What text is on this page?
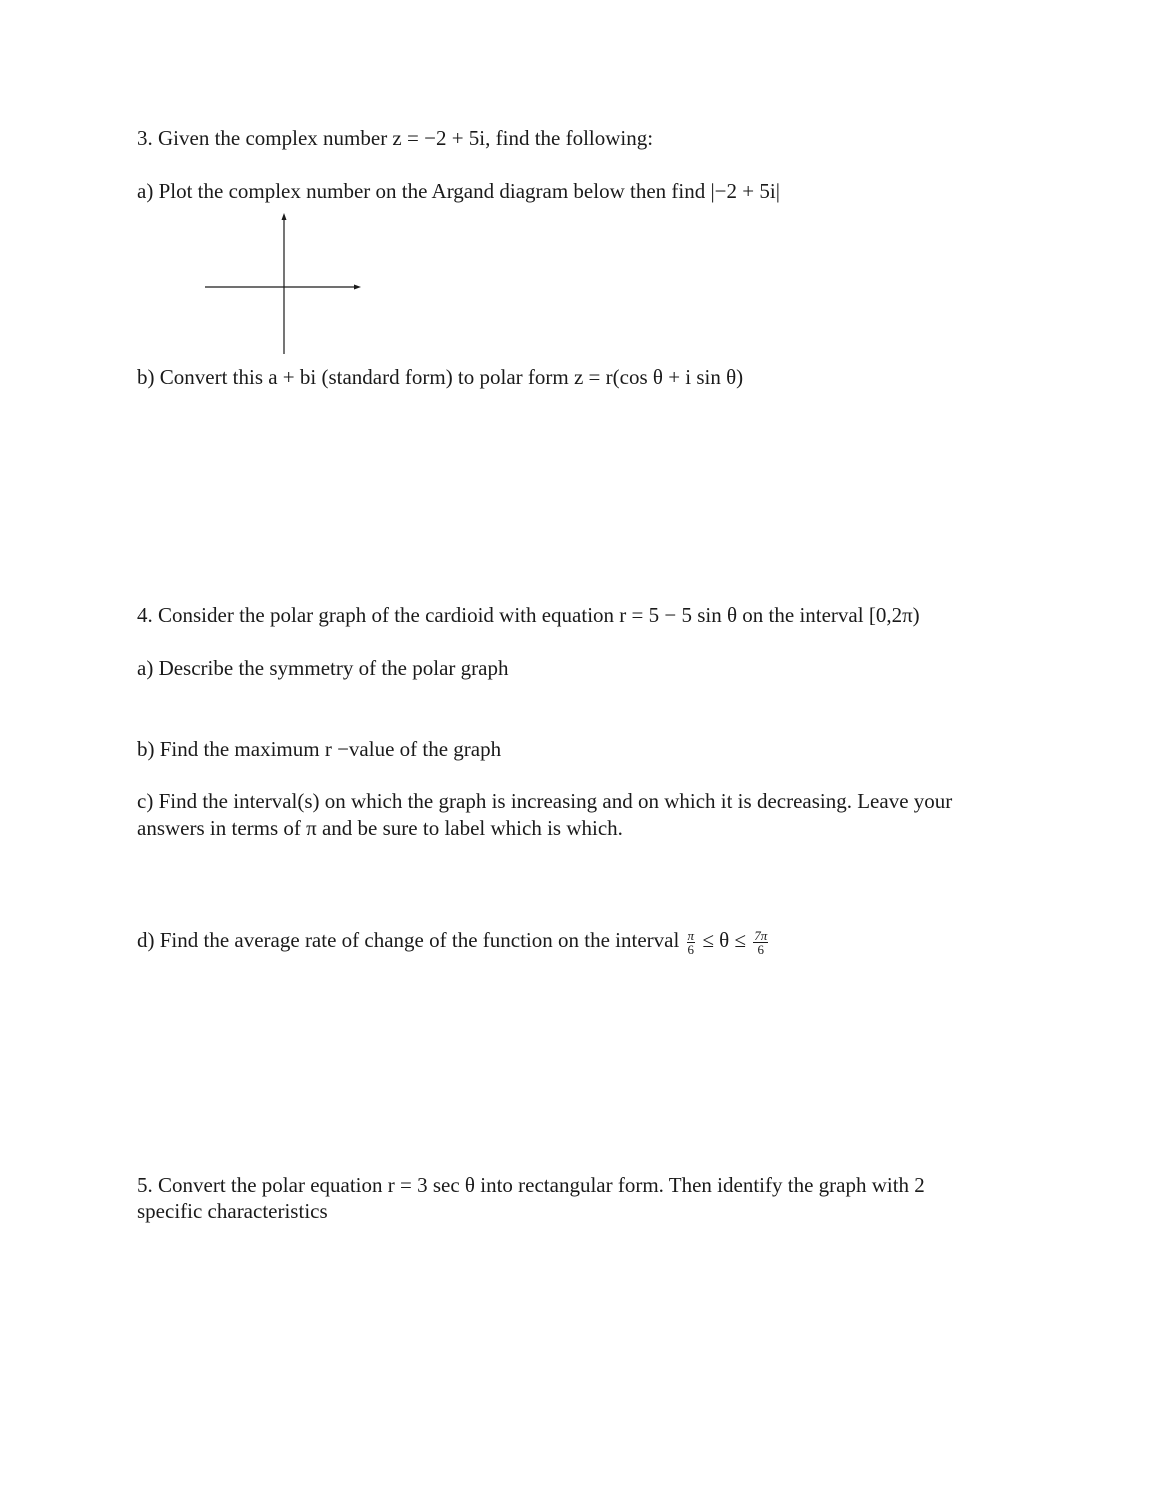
3. Given the complex number z = −2 + 5i, find the following:
a) Plot the complex number on the Argand diagram below then find |−2 + 5i|
b) Convert this a + bi (standard form) to polar form z = r(cos θ + i sin θ)
4. Consider the polar graph of the cardioid with equation r = 5 − 5 sin θ on the interval [0,2π)
a) Describe the symmetry of the polar graph
b) Find the maximum r −value of the graph
c) Find the interval(s) on which the graph is increasing and on which it is decreasing. Leave your
answers in terms of π and be sure to label which is which.
d) Find the average rate of change of the function on the interval $\frac{\pi}{6} \le \theta \le \frac{7\pi}{6}$
5. Convert the polar equation r = 3 sec θ into rectangular form. Then identify the graph with 2
specific characteristics
